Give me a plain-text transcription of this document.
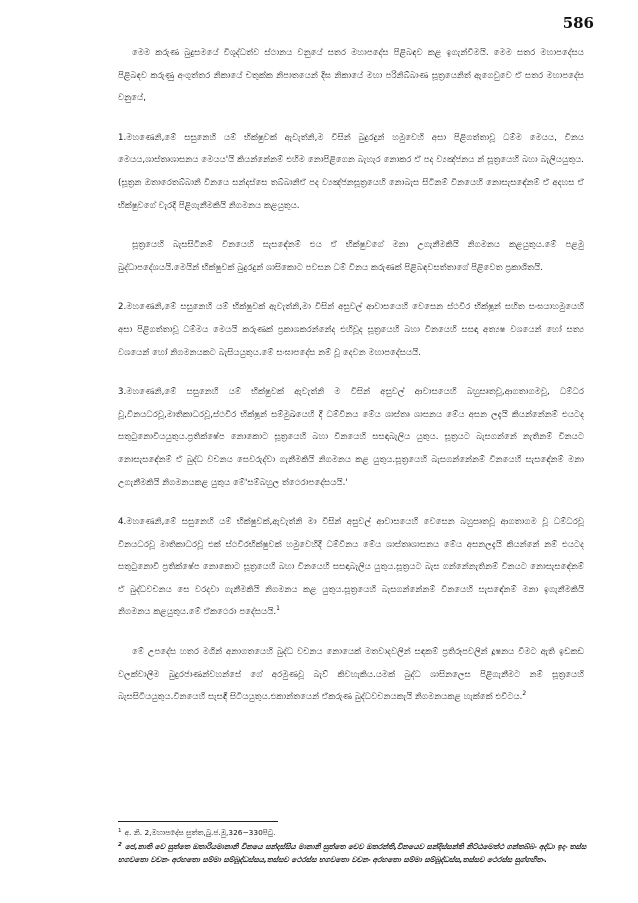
586

මෙම කරුණ බුදුසමයේ විශුද්ධත්ව ස්ථානය වනුයේ සතර මහාපදේස පිළිබඳව කළ ඉගැන්වීමයි. මෙම සතර මහාපදේසය පිළිබඳව කරුණු අංගුත්තර නිකායේ චතුක්ක නිපාතයෙන් දිඝ නිකායේ මහා පරිනිබ්බාණ සූත්‍රයෙනිත් ඇගෙවුවෙ ඒ සතර මහාපදේස වනුයේ,

1.මහණෙනි,මේ සසුනෙහි යම් භික්ෂුවක් ඇවැත්නි,ම විසින් බුදුරදුන් හමුවෙහි අසා පිළිගත්තාවූ ධම්ම මෙයය, විනය මෙයය,ශාස්තෘශාසනය මෙයය'යි කියන්නේනම් එහිම නොපිළිගෙන බැහැර නොකර ඒ පද ව්‍යඤ්ජනය න් සූත්‍රයෙහි බහා බැලියයුතුය.(සූත්‍රන ඔතාරෙතබ්බානි විනයෙ සන්දස්සෙ තබ්බානිඒ පද ව්‍යඤ්ජනසූත්‍රයෙහි නොබැස සිටිනම් විනයෙහි නොසැසඳේනම් ඒ අදහස ඒ භික්ෂුවගේ වැරදි පිළිගැනීමකියි නිගමනය කළයුතුය.

සූත්‍රයෙහි බැසසිටිනම් විනයෙහි සැසඳේනම් එය ඒ භික්ෂුවගේ මනා උගැනීමකියි නිගමනය කළයුතුය.මේ පළමු බුද්ධාපදේශයයි.මෙයින් භික්ෂුවක් බුදුරදුන් ශාසිකොට පවසන ධම් විනය කරුණක් පිළිබඳවසත්තාගේ පිළිවෙත ප්‍රකාශිතයි.

2.මහණෙනි,මේ සසුනෙහි යම් භික්ෂුවක් ඇවැත්නි,මා විසින් අසුවල් ආවාසයෙහි වෙසෙන ස්ථවිර භික්ෂූන් සහිත සංඝයාහමුයෙහි අසා පිළිගත්තාවූ ධම්මය මෙයයි කරුණක් ප්‍රකාශකරන්නේද එහිවූද සූත්‍රයෙහි බහා විනයෙහි සසඳා අත්‍යෂ වශයෙන් හෝ සත්‍ය වශයෙන් හෝ නිගමනයකට බැසියයුතුය.මේ සංඝාපදේස නම් වූ දෙවන මහාපදේසයයි.

3.මහණෙනි,මේ සසුනෙහි යම් භික්ෂුවක් ඇවැත්නි ම විසින් අසුවල් ආවාසයෙහි බහුසෘතවූ,ආගතාගමවූ, ධම්ධර වූ,විනයධරවූ,මාතිකාධරවූ,ස්ථවිර භික්ෂූන් සම්මුඛයෙහි දී ධම්විනය මේය ශාස්තෘ ශාසනය මේය අසන ලදැයි කියන්නේනම් එයටද සතුටුනොවියයුතුය.ප්‍රතික්ෂේප නොකොට සූත්‍රයෙහි බහා විනයෙහි සසඳාබැලිය යුතුය. සූත්‍රයට බැසගන්නේ නැතිනම් විනයට නොසැසඳේනම් ඒ බුද්ධ වචනය සෙවරුද්වා ගැනීමකියි නිගමනය කළ යුතුය.සූත්‍රයෙහි බැසගන්නේනම් විනයෙහි සැසඳේනම් මනා උගැනීමකියි නිගමනයකළ යුතුය මේ'සම්බහුල ත්ථෙරාපදේසයයි.'

4.මහණෙනි,මේ සසුනෙහි යම් භික්ෂුවක්,ඇවැත්නි මා විසින් අසුවල් ආවාසයෙහි වෙසෙන බහුසෘතවූ ආගතාගම වූ ධම්ධරවූ විනයධරවූ මාතිකාධරවූ එක් ස්ථවිරභික්ෂුවක් හමුවෙහිදී ධම්විනය මේය ශාස්තෘශාසනය මේය අසනලදැයි කියන්නේ නම් එයටද සතුටුනොවී ප්‍රතික්ෂේප නොකොට සූත්‍රයෙහි බහා විනයෙහි සසඳාබැලිය යුතුය.සූත්‍රයට බැස ගන්නේනැතිනම් විනයට නොසැසඳේනම් ඒ බුද්ධවචනය සෙ වරදවා ගැනීමකියි නිගමනය කළ යුතුය.සූත්‍රයෙහි බැසගන්නේනම් විනයෙහි සැසඳේනම් මනා ඉගැනීමකියි නිගමනය කළයුතුය.මේ ඒකථෙරා පදේසයයි.$^1$

මේ උපදේස හතර මගින් අනාගතයෙහි බුද්ධ වචනය නොයෙක් මතවාදවලින් සඳකම් ප්‍රතිරූපවලින් දූෂනය වීමට ඇති ඉඩකඩ වලක්වාලීම බුදුරජාණන්වහන්සේ ගේ අරමුණවූ බැව් කිවහැකිය.යමක් බුද්ධ ශාසිනලෙස පිළිගැනීමට නම් සූත්‍රයෙහි බැසසිටියයුතුය.විනයෙහි සැසඳී සිටියයුතුය.එකාන්තයෙන් ඒකරුණ බුද්ධවචනයකැයි නිගමනයකළ හැක්කේ එවිටය.$^2$

$^1$ අ. නි. 2,මහාපදේස සුත්ත,බු.ජ.මු,326−330පිටු.

$^2$ ජෙ,නාති වෙ සුත්තෙ ඔතාරියමානානි විනයෙ සන්දස්සිය මානානි සුත්තෙ චෙව ඔතරන්ති,විනයෙව සන්දිස්සන්ති නිට්ඨමෙත්ථ ගන්තබ්බං අද්ධා ඉදං තස්ස භගවතො වචනං අරහතො සම්මා සම්බුද්ධස්සය,තස්සච ථෙරස්ස භගවතො වචනං අරහතො සම්මා සම්බුද්ධස්ස,තස්සච ථෙරස්ස සුග්ගහිතං.
